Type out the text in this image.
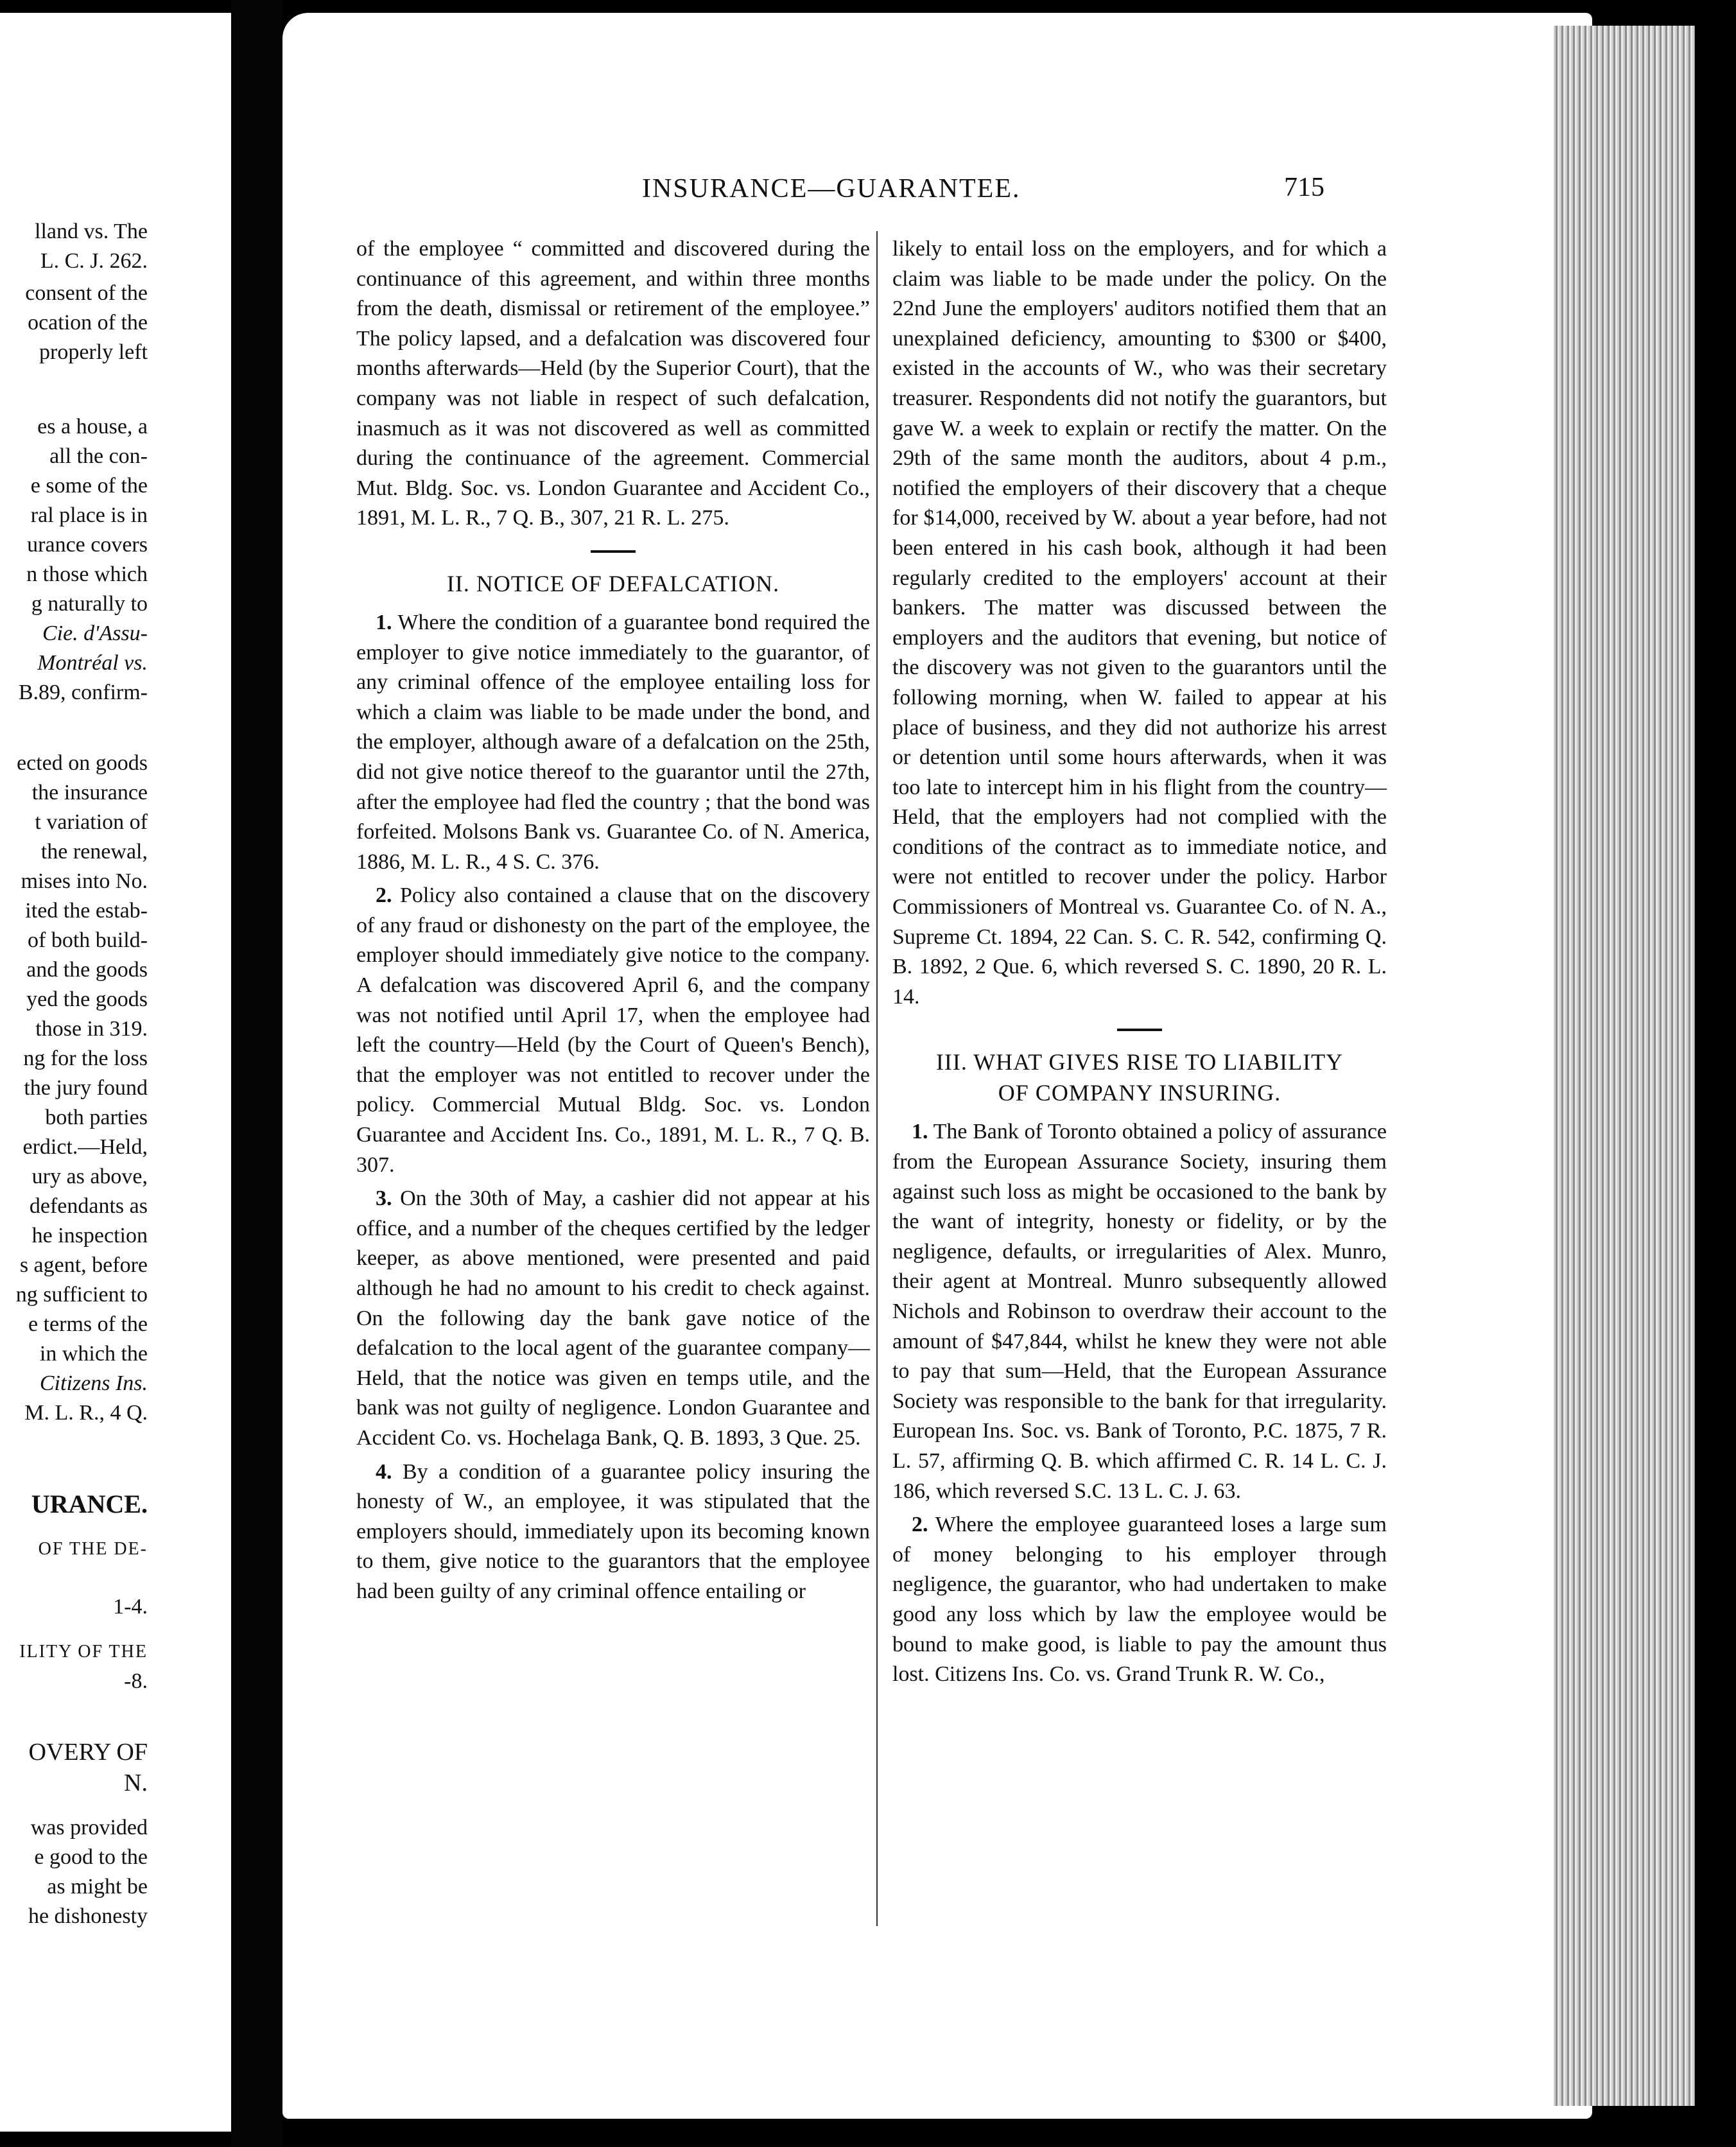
lland vs. The
L. C. J. 262.
consent of the
ocation of the
properly left
es a house, a
all the con-
e some of the
ral place is in
urance covers
n those which
g naturally to
Cie. d'Assu-
Montréal vs.
B.89, confirm-
ected on goods
the insurance
t variation of
the renewal,
mises into No.
ited the estab-
of both build-
and the goods
yed the goods
those in 319.
ng for the loss
the jury found
both parties
erdict.—Held,
ury as above,
defendants as
he inspection
s agent, before
ng sufficient to
e terms of the
in which the
Citizens Ins.
M. L. R., 4 Q.
URANCE.
OF THE DE-
1-4.
ILITY OF THE
-8.
OVERY OF
N.
was provided
e good to the
as might be
he dishonesty
INSURANCE—GUARANTEE.	715

of the employee “ committed and discovered during the continuance of this agreement, and within three months from the death, dismissal or retirement of the employee.” The policy lapsed, and a defalcation was discovered four months afterwards—Held (by the Superior Court), that the company was not liable in respect of such defalcation, inasmuch as it was not discovered as well as committed during the continuance of the agreement. Commercial Mut. Bldg. Soc. vs. London Guarantee and Accident Co., 1891, M. L. R., 7 Q. B., 307, 21 R. L. 275.

II. NOTICE OF DEFALCATION.

1. Where the condition of a guarantee bond required the employer to give notice immediately to the guarantor, of any criminal offence of the employee entailing loss for which a claim was liable to be made under the bond, and the employer, although aware of a defalcation on the 25th, did not give notice thereof to the guarantor until the 27th, after the employee had fled the country ; that the bond was forfeited. Molsons Bank vs. Guarantee Co. of N. America, 1886, M. L. R., 4 S. C. 376.

2. Policy also contained a clause that on the discovery of any fraud or dishonesty on the part of the employee, the employer should immediately give notice to the company. A defalcation was discovered April 6, and the company was not notified until April 17, when the employee had left the country—Held (by the Court of Queen's Bench), that the employer was not entitled to recover under the policy. Commercial Mutual Bldg. Soc. vs. London Guarantee and Accident Ins. Co., 1891, M. L. R., 7 Q. B. 307.

3. On the 30th of May, a cashier did not appear at his office, and a number of the cheques certified by the ledger keeper, as above mentioned, were presented and paid although he had no amount to his credit to check against. On the following day the bank gave notice of the defalcation to the local agent of the guarantee company—Held, that the notice was given en temps utile, and the bank was not guilty of negligence. London Guarantee and Accident Co. vs. Hochelaga Bank, Q. B. 1893, 3 Que. 25.

4. By a condition of a guarantee policy insuring the honesty of W., an employee, it was stipulated that the employers should, immediately upon its becoming known to them, give notice to the guarantors that the employee had been guilty of any criminal offence entailing or

likely to entail loss on the employers, and for which a claim was liable to be made under the policy. On the 22nd June the employers' auditors notified them that an unexplained deficiency, amounting to $300 or $400, existed in the accounts of W., who was their secretary treasurer. Respondents did not notify the guarantors, but gave W. a week to explain or rectify the matter. On the 29th of the same month the auditors, about 4 p.m., notified the employers of their discovery that a cheque for $14,000, received by W. about a year before, had not been entered in his cash book, although it had been regularly credited to the employers' account at their bankers. The matter was discussed between the employers and the auditors that evening, but notice of the discovery was not given to the guarantors until the following morning, when W. failed to appear at his place of business, and they did not authorize his arrest or detention until some hours afterwards, when it was too late to intercept him in his flight from the country—Held, that the employers had not complied with the conditions of the contract as to immediate notice, and were not entitled to recover under the policy. Harbor Commissioners of Montreal vs. Guarantee Co. of N. A., Supreme Ct. 1894, 22 Can. S. C. R. 542, confirming Q. B. 1892, 2 Que. 6, which reversed S. C. 1890, 20 R. L. 14.

III. WHAT GIVES RISE TO LIABILITY
OF COMPANY INSURING.

1. The Bank of Toronto obtained a policy of assurance from the European Assurance Society, insuring them against such loss as might be occasioned to the bank by the want of integrity, honesty or fidelity, or by the negligence, defaults, or irregularities of Alex. Munro, their agent at Montreal. Munro subsequently allowed Nichols and Robinson to overdraw their account to the amount of $47,844, whilst he knew they were not able to pay that sum—Held, that the European Assurance Society was responsible to the bank for that irregularity. European Ins. Soc. vs. Bank of Toronto, P.C. 1875, 7 R. L. 57, affirming Q. B. which affirmed C. R. 14 L. C. J. 186, which reversed S.C. 13 L. C. J. 63.

2. Where the employee guaranteed loses a large sum of money belonging to his employer through negligence, the guarantor, who had undertaken to make good any loss which by law the employee would be bound to make good, is liable to pay the amount thus lost. Citizens Ins. Co. vs. Grand Trunk R. W. Co.,
